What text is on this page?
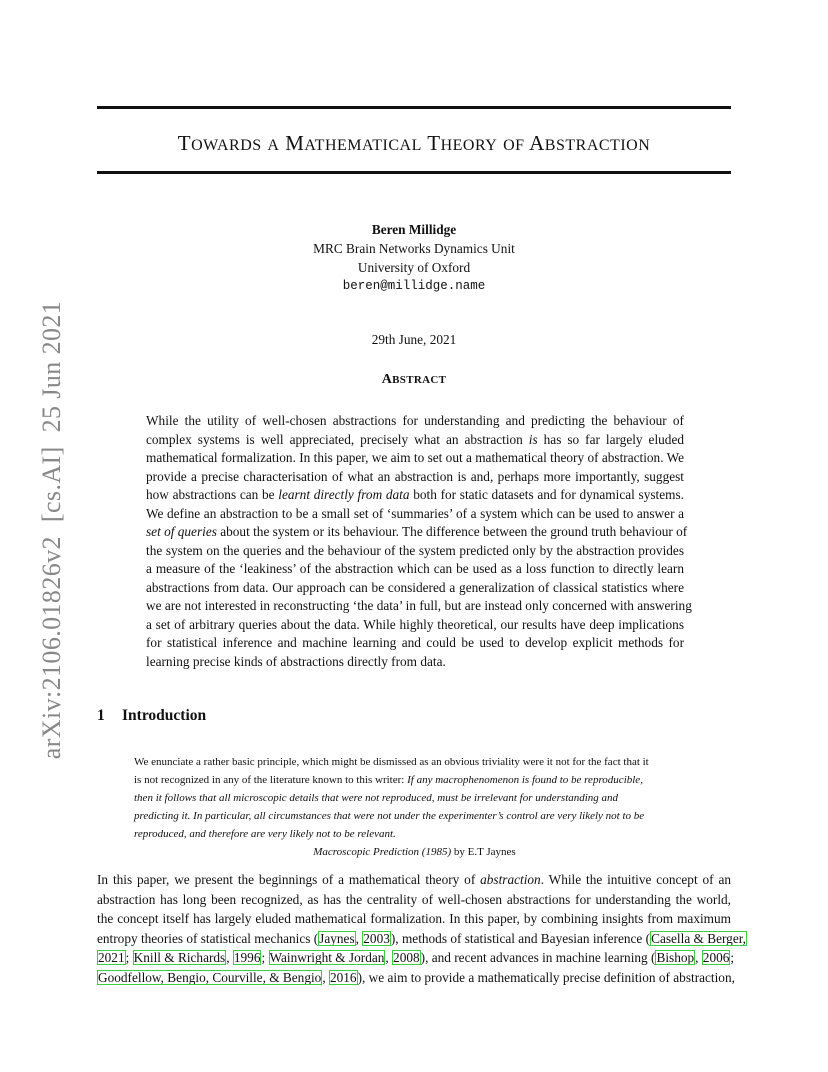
arXiv:2106.01826v2[cs.AI]25 Jun 2021
TOWARDS A MATHEMATICAL THEORY OF ABSTRACTION
Beren Millidge
MRC Brain Networks Dynamics Unit
University of Oxford
beren@millidge.name
29th June, 2021
ABSTRACT
While the utility of well-chosen abstractions for understanding and predicting the behaviour of
complex systems is well appreciated, precisely what an abstraction is has so far largely eluded
mathematical formalization. In this paper, we aim to set out a mathematical theory of abstraction. We
provide a precise characterisation of what an abstraction is and, perhaps more importantly, suggest
how abstractions can be learnt directly from data both for static datasets and for dynamical systems.
We define an abstraction to be a small set of ‘summaries’ of a system which can be used to answer a
set of queries about the system or its behaviour. The difference between the ground truth behaviour of
the system on the queries and the behaviour of the system predicted only by the abstraction provides
a measure of the ‘leakiness’ of the abstraction which can be used as a loss function to directly learn
abstractions from data. Our approach can be considered a generalization of classical statistics where
we are not interested in reconstructing ‘the data’ in full, but are instead only concerned with answering
a set of arbitrary queries about the data. While highly theoretical, our results have deep implications
for statistical inference and machine learning and could be used to develop explicit methods for
learning precise kinds of abstractions directly from data.
1 Introduction
We enunciate a rather basic principle, which might be dismissed as an obvious triviality were it not for the fact that it
is not recognized in any of the literature known to this writer: If any macrophenomenon is found to be reproducible,
then it follows that all microscopic details that were not reproduced, must be irrelevant for understanding and
predicting it. In particular, all circumstances that were not under the experimenter’s control are very likely not to be
reproduced, and therefore are very likely not to be relevant.
Macroscopic Prediction (1985) by E.T Jaynes
In this paper, we present the beginnings of a mathematical theory of abstraction. While the intuitive concept of an
abstraction has long been recognized, as has the centrality of well-chosen abstractions for understanding the world,
the concept itself has largely eluded mathematical formalization. In this paper, by combining insights from maximum
entropy theories of statistical mechanics (Jaynes, 2003), methods of statistical and Bayesian inference (Casella & Berger,
2021; Knill & Richards, 1996; Wainwright & Jordan, 2008), and recent advances in machine learning (Bishop, 2006;
Goodfellow, Bengio, Courville, & Bengio, 2016), we aim to provide a mathematically precise definition of abstraction,
